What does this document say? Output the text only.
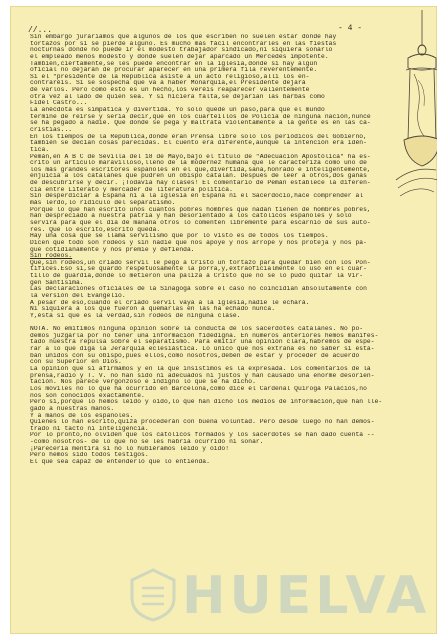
//...	- 4 -
Sin embargo jurariamos que algunos de los que escriben no suelen estar donde hay
tortazos por si se pierde alguno. Es mucho más fácil encontrarles en las fiestas
nocturnas donde no puede ir el modesto trabajador sindicado,ni siquiera soñarlo
el empleado menos modesto y donde suelen dejar aparcado un Mercedes impotente.
También,ciertamente,se les puede encontrar en la iglesia,donde si hay algún
oficial no dejarán de procurar aparecer en una primera fila reverentemente.
Si el "presidente de la República asiste a un acto religioso,allí los en-
contraréis. Si se sospecha que va a haber Monarquía,el Presidente dejará
de varlos. Pero como ésto es un hecho,los veréis reaparecer valientemente
otra vez al lado de quien sea. Y si hiciera falta,se dejarían las barbas como
Fidel Castro...
La anécdota es simpática y divertida. Yo solo quede un paso,para que el mundo
termine de reírse y sería decir,que en los cuarteillos de Policía de ninguna nación,nunce
se ha pegado a nadie. Que donde se pega y maltrata violentamente a la gente es en las ca-
cristías...
En los tiempos de la República,donde eran Prensa libre solo los periódicos del Gobierno,
también se decían cosas parecidas. El cuento era diferente,aunque la intención era idén-
tica.
Pemán,en A B C de Sevilla del 18 de Mayo,bajo el título de "Adecuación Apostólica" ha es-
crito un artículo maravilloso,lleno de la modernez humana que le caracteriza como uno de
los más grandes escritores españoles en el que,divertida,sana,honrado e inteligentemente,
enjuicia a los catalanes que pudren un obispo catalán. Después de leer a otros,dos ganas
de descubrirse y decir. ¡Todavía hay clases! El comentario de Pemán establece la diferen-
cia entre Literato y mercader de literatura política.
Sin desperdiciar a España ni a la Iglesia en España ni el Sacerdocio,hace comprender al
más lerdo,lo ridículo del separatismo.
Porque lo que han escrito unos cuantos pobres hombres que nadan tienen de hombres pobres,
han despreciado a nuestra patria y han desorientado a los católicos españoles y sólo
servirá para que el día de mañana otros lo comenten libremente para escarnio de sus auto-
res. Que lo escrito,escrito queda.
Hay una cosa que se llama servilismo que por lo visto es de todos los tiempos.
Dicen que todo son rodeos y sin nadie que nos apoye y nos arrope y nos proteja y nos pa-
gue cotidianamente y nos premie y defienda.
Sin rodeos.
Que,sin rodeos,un criado servil le pegó a Cristo un tortazo para quedar bien con los Pon-
tífices.Eso sí,se quardó respetuosamente la porra,y,extraoficialmente lo usó en el cuar-
tillo de guardia,donde lo metieron una paliza a Cristo que no se lo pudo quitar la Vir-
gen Santísima.
Las declaraciones oficiales de la Sinagoga sobre el caso no coincidían absolutamente con
la versión del Evangelio.
A pesar de eso,cuando el criado servil vaya a la iglesia,nadie le echará.
Ni siquiera a los que fueron a quemarlas en las ha echado nunca.
Y,ésta sí que es la verdad,sin rodeos de ninguna clase.
NOTA. No emitimos ninguna opinión sobre la conducta de los sacerdotes catalanes. No po-
demos juzgarla por no tener una información fidedigna. En números anteriores hemos manifes-
tado nuestra repulsa sobre el separatismo. Para emitir una opinión clara,habremos de espe-
rar a lo que diga la Jerarquía eclesiástica. Lo único que nos extraña es no saber si esta-
ban unidos con su obispo,pues ellos,como nosotros,deben de estar y proceder de acuerdo
con su Superior en Dios.
La opinión que sí afirmamos y en la que insistimos es la expresada. Los comentarios de la
prensa,radio y T. V. no han sido ni adecuados ni justos y han causado una enorme desorien-
tación. Nos parece vergonzoso e indigno lo que se ha dicho.
Los móviles no lo que ha ocurrido en Barcelona,como dice el Cardenal Quiroga Palacios,no
nos son conocidos exactamente.
Pero sí,porque lo hemos leído y oído,lo que han dicho los medios de información,que han lle-
gado a nuestras manos.
Y a manos de los españoles.
Quienes lo han escrito,quizá procederán con buena voluntad. Pero desde luego no han demos-
trado ni tacto ni inteligencia.
Por lo pronto,no olviden que los católicos formados y los sacerdotes se han dado cuenta --
-como nosotros- de lo que no se les habría ocurrido ni soñar.
¡Parecería mentira si no lo hubiéramos leído y oído!
Pero hemos sido todos testigos.
El que sea capaz de entenderlo que lo entienda.
HUELVA
